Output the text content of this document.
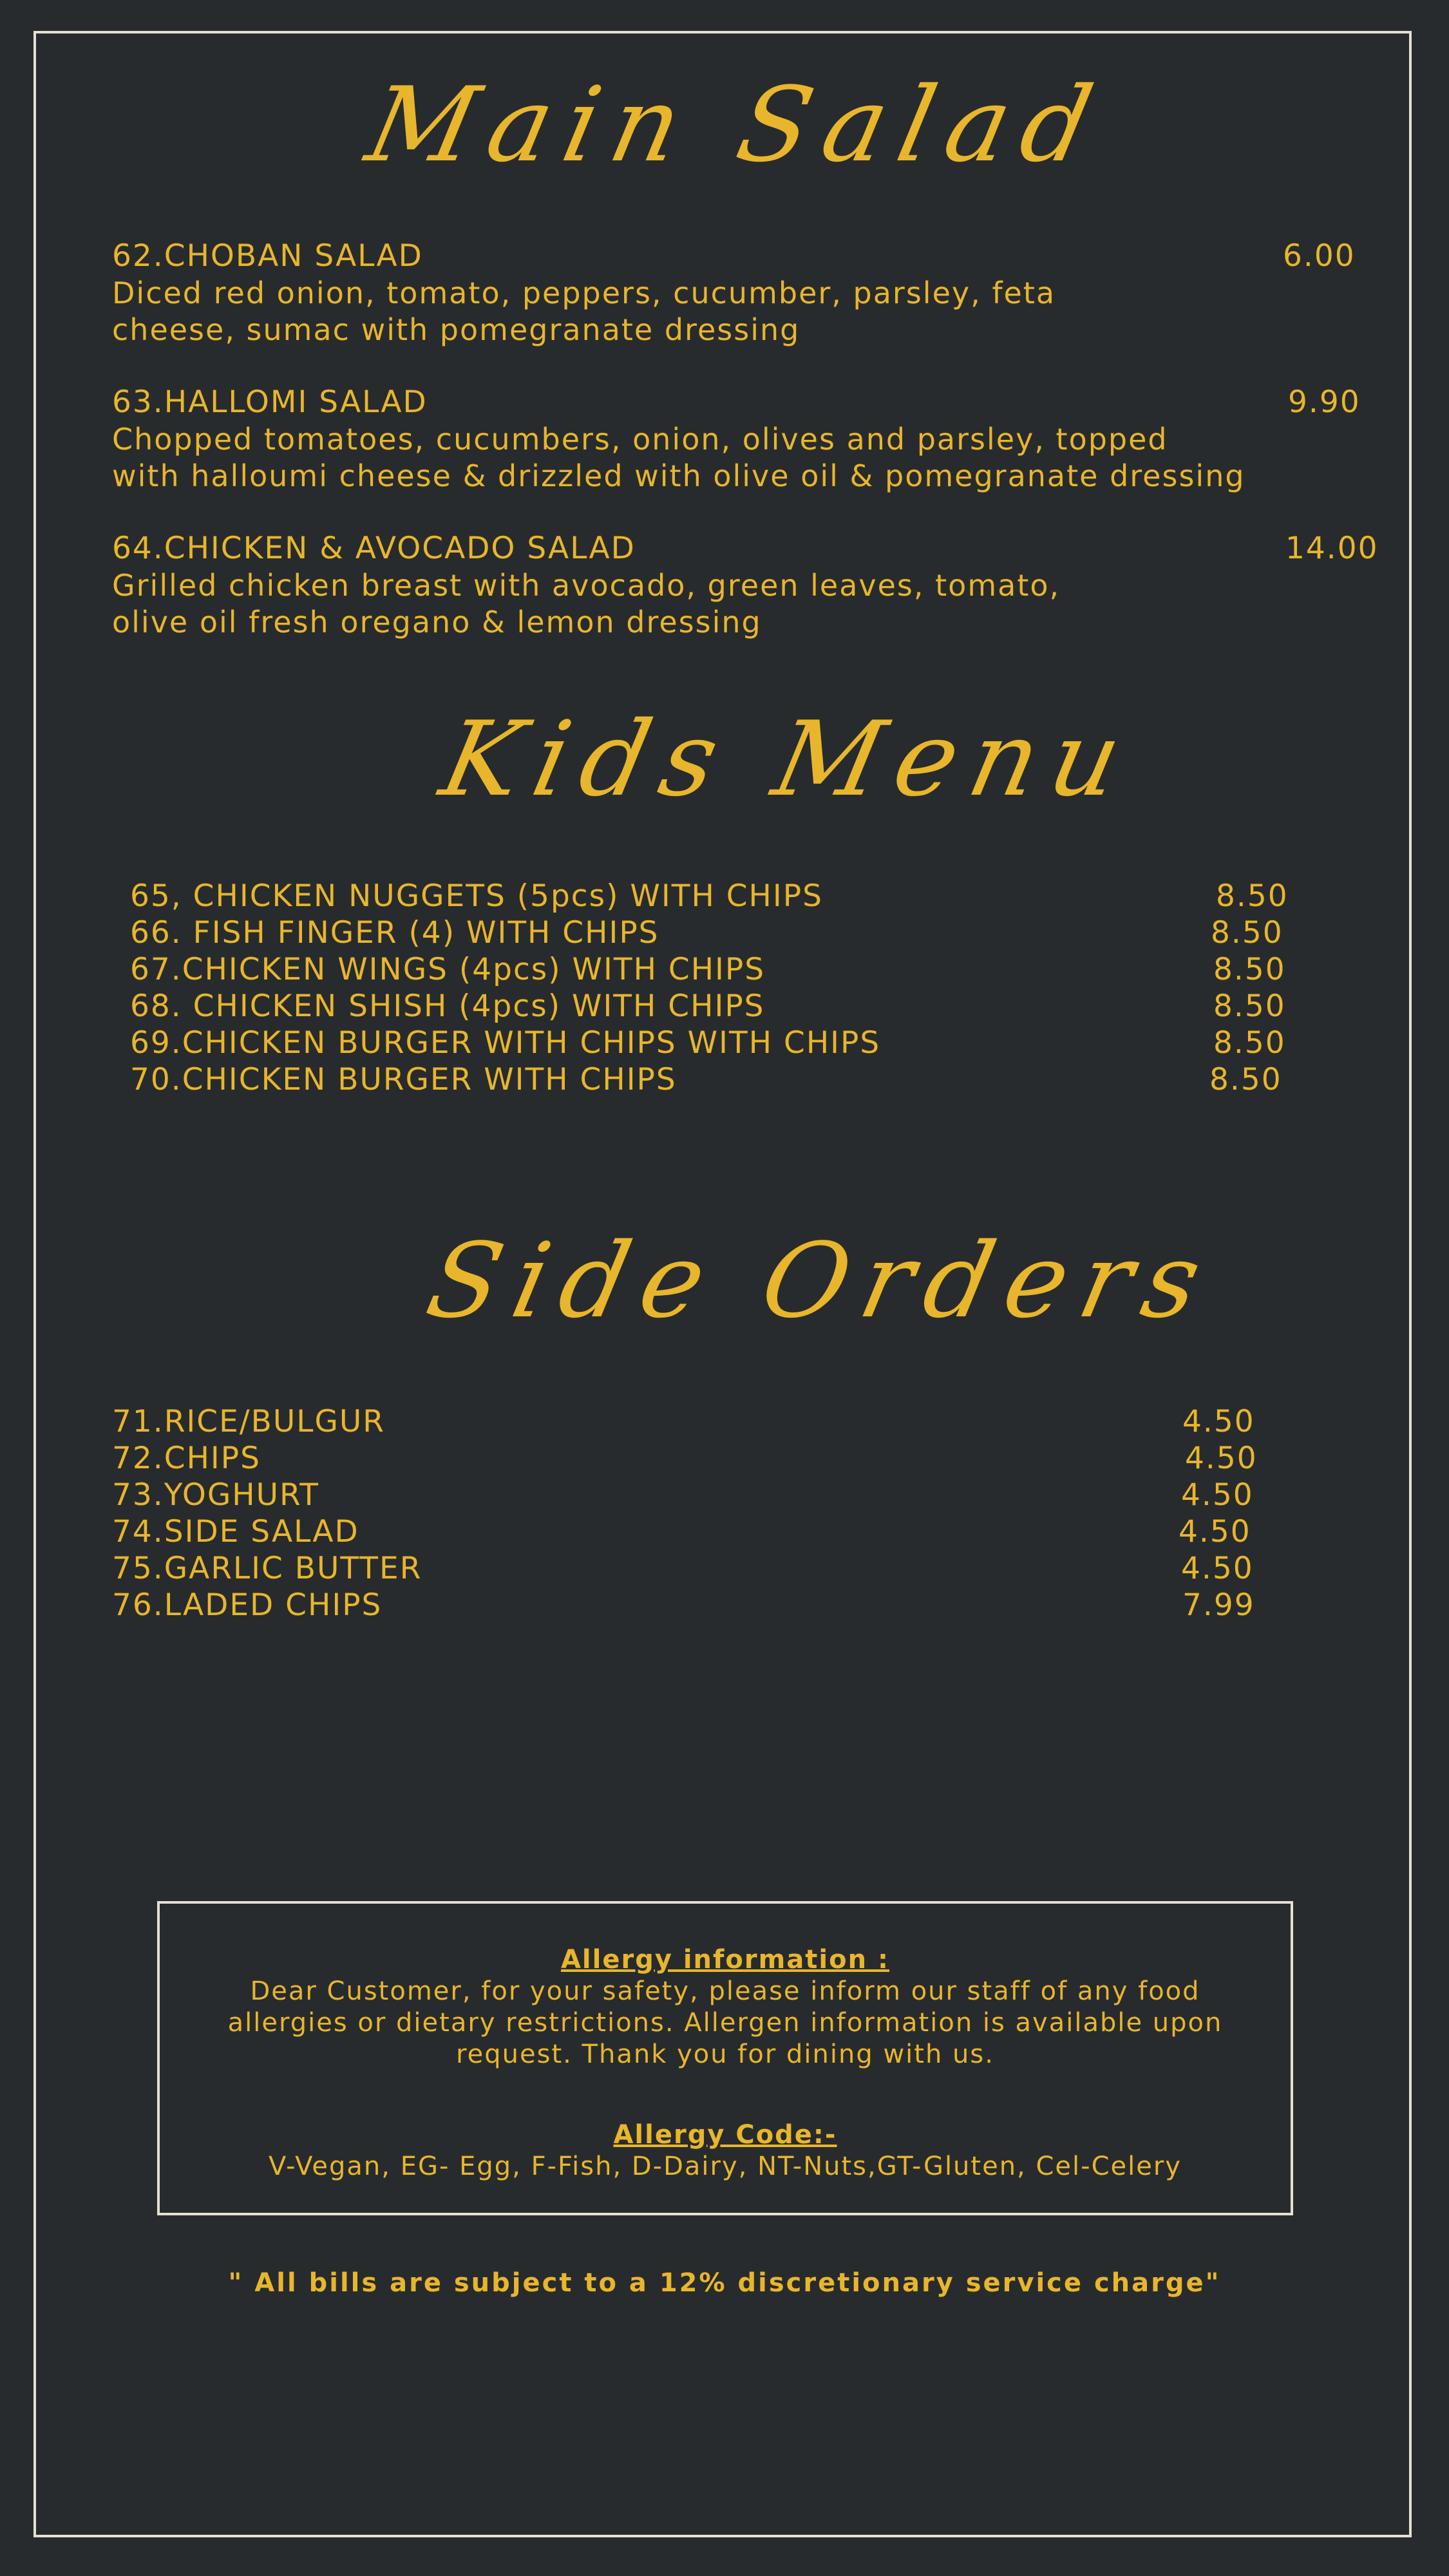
Main Salad
62.CHOBAN SALAD	6.00
Diced red onion, tomato, peppers, cucumber, parsley, feta
cheese, sumac with pomegranate dressing
63.HALLOMI SALAD	9.90
Chopped tomatoes, cucumbers, onion, olives and parsley, topped
with halloumi cheese & drizzled with olive oil & pomegranate dressing
64.CHICKEN & AVOCADO SALAD	14.00
Grilled chicken breast with avocado, green leaves, tomato,
olive oil fresh oregano & lemon dressing
Kids Menu
65, CHICKEN NUGGETS (5pcs) WITH CHIPS	8.50
66. FISH FINGER (4) WITH CHIPS	8.50
67.CHICKEN WINGS (4pcs) WITH CHIPS	8.50
68. CHICKEN SHISH (4pcs) WITH CHIPS	8.50
69.CHICKEN BURGER WITH CHIPS WITH CHIPS	8.50
70.CHICKEN BURGER WITH CHIPS	8.50
Side Orders
71.RICE/BULGUR	4.50
72.CHIPS	4.50
73.YOGHURT	4.50
74.SIDE SALAD	4.50
75.GARLIC BUTTER	4.50
76.LADED CHIPS	7.99
Allergy information :
Dear Customer, for your safety, please inform our staff of any food
allergies or dietary restrictions. Allergen information is available upon
request. Thank you for dining with us.
Allergy Code:-
V-Vegan, EG- Egg, F-Fish, D-Dairy, NT-Nuts,GT-Gluten, Cel-Celery
" All bills are subject to a 12% discretionary service charge"
